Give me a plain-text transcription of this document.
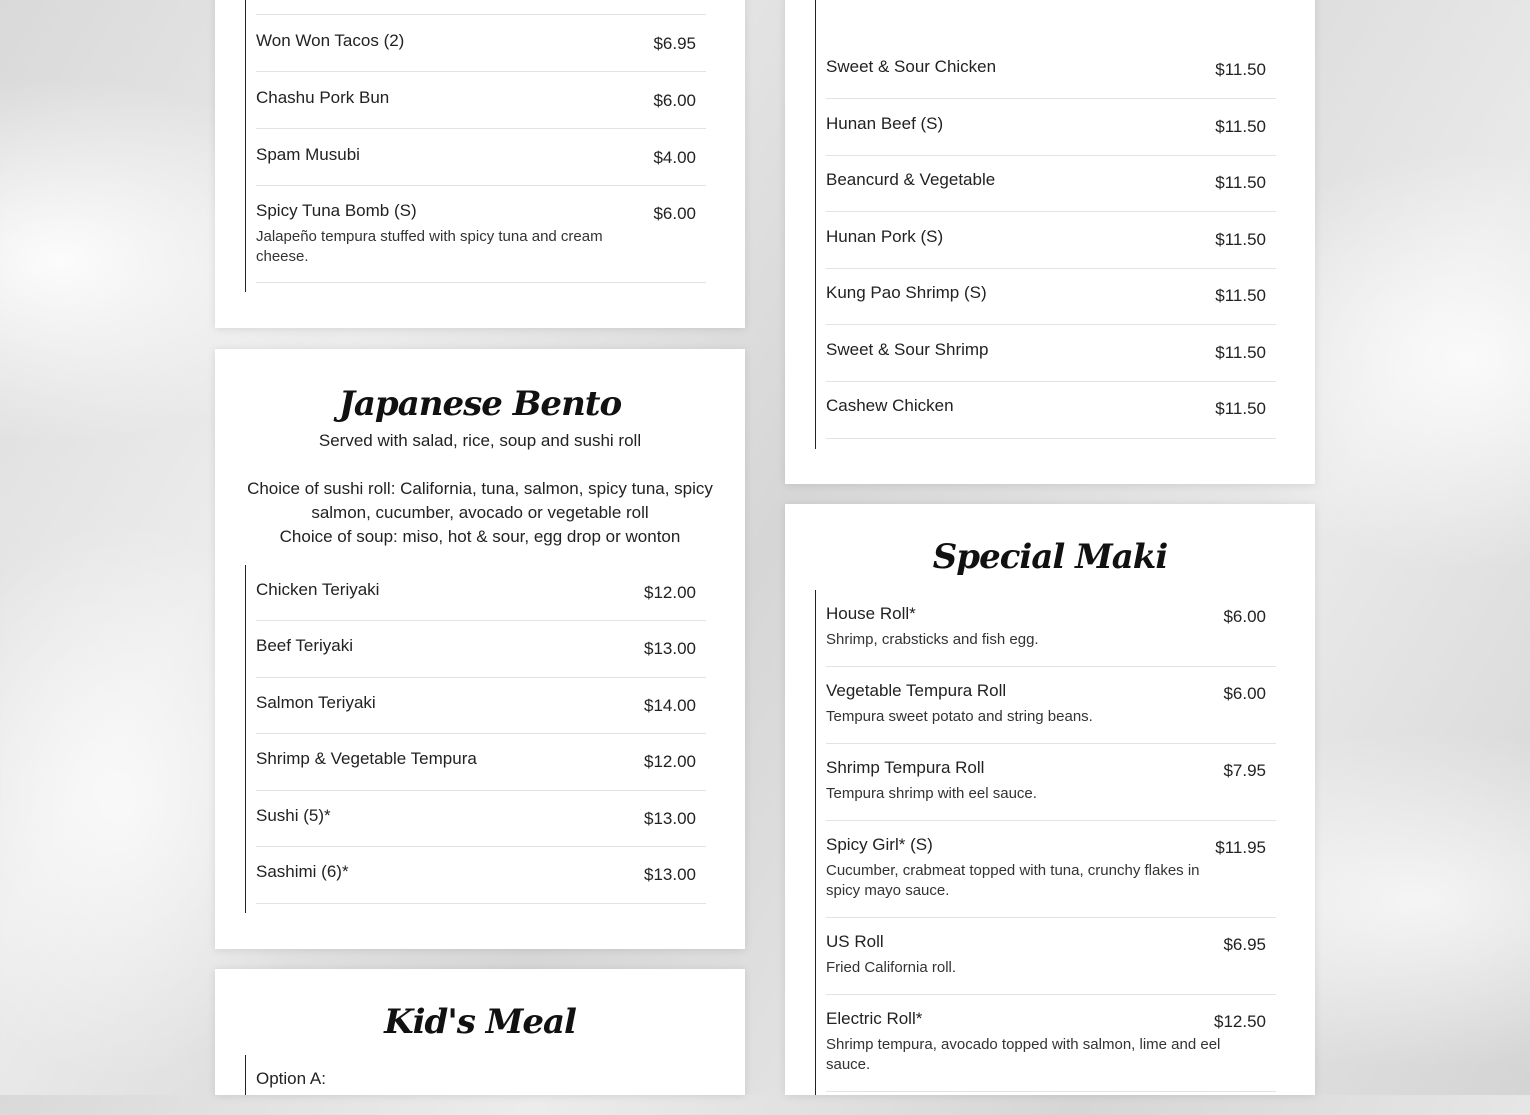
Won Won Tacos (2)	$6.95
Chashu Pork Bun	$6.00
Spam Musubi	$4.00
Spicy Tuna Bomb (S)	$6.00
Jalapeño tempura stuffed with spicy tuna and cream cheese.
Japanese Bento
Served with salad, rice, soup and sushi roll
Choice of sushi roll: California, tuna, salmon, spicy tuna, spicy salmon, cucumber, avocado or vegetable roll
Choice of soup: miso, hot & sour, egg drop or wonton
Chicken Teriyaki	$12.00
Beef Teriyaki	$13.00
Salmon Teriyaki	$14.00
Shrimp & Vegetable Tempura	$12.00
Sushi (5)*	$13.00
Sashimi (6)*	$13.00
Kid's Meal
Option A:
Sweet & Sour Chicken	$11.50
Hunan Beef (S)	$11.50
Beancurd & Vegetable	$11.50
Hunan Pork (S)	$11.50
Kung Pao Shrimp (S)	$11.50
Sweet & Sour Shrimp	$11.50
Cashew Chicken	$11.50
Special Maki
House Roll*	$6.00
Shrimp, crabsticks and fish egg.
Vegetable Tempura Roll	$6.00
Tempura sweet potato and string beans.
Shrimp Tempura Roll	$7.95
Tempura shrimp with eel sauce.
Spicy Girl* (S)	$11.95
Cucumber, crabmeat topped with tuna, crunchy flakes in spicy mayo sauce.
US Roll	$6.95
Fried California roll.
Electric Roll*	$12.50
Shrimp tempura, avocado topped with salmon, lime and eel sauce.
